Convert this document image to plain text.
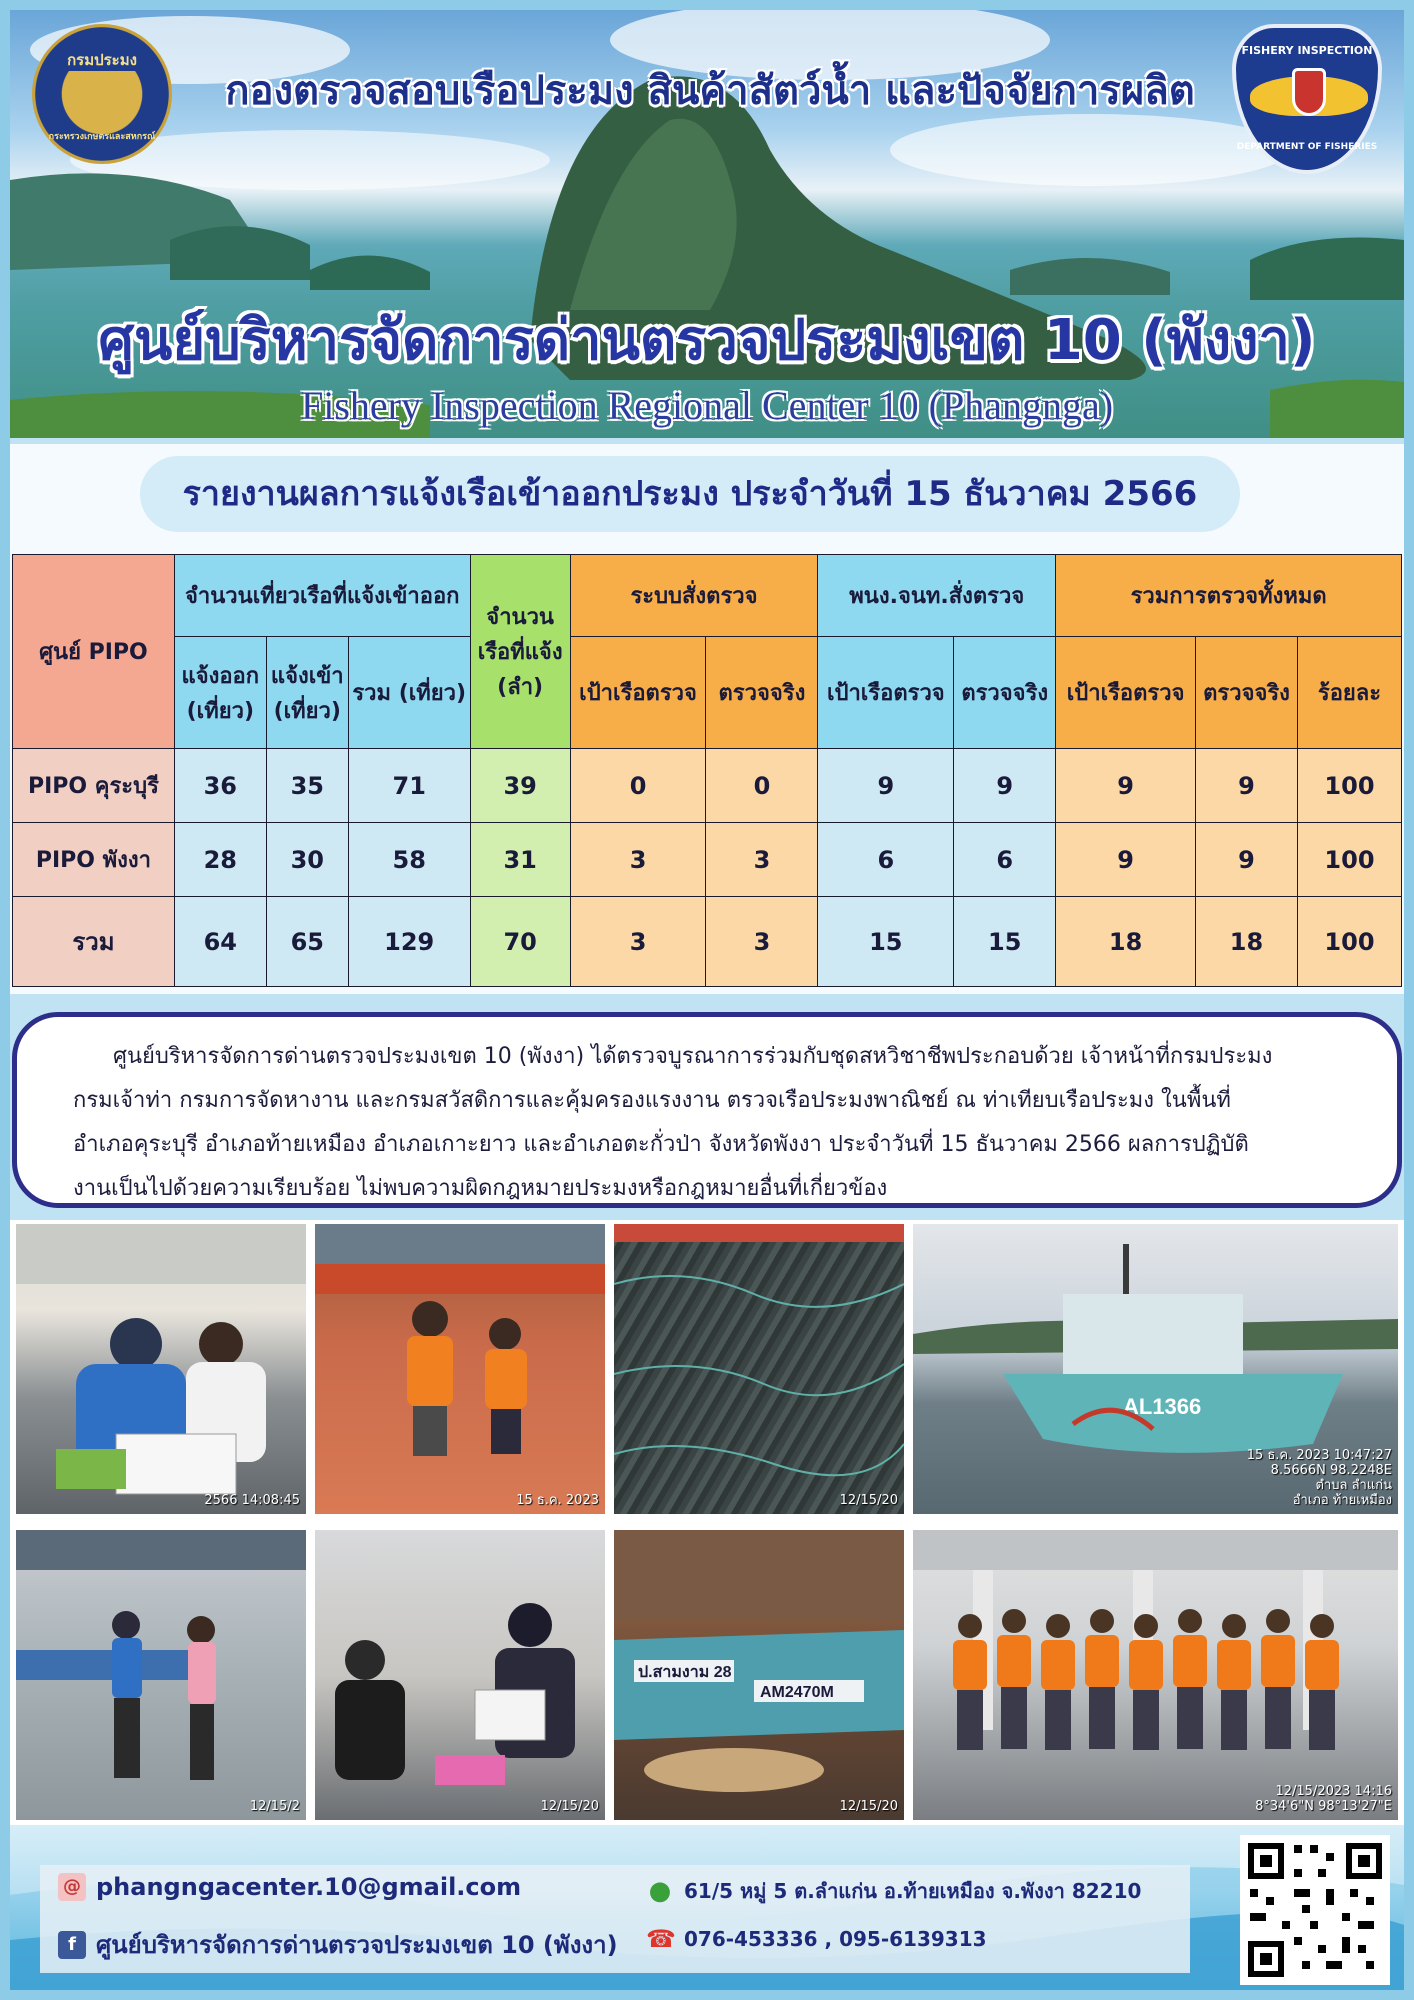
กรมประมง
กระทรวงเกษตรและสหกรณ์
กองตรวจสอบเรือประมง สินค้าสัตว์น้ำ และปัจจัยการผลิต
FISHERY INSPECTION
DEPARTMENT OF FISHERIES
ศูนย์บริหารจัดการด่านตรวจประมงเขต 10 (พังงา)
Fishery Inspection Regional Center 10 (Phangnga)
รายงานผลการแจ้งเรือเข้าออกประมง ประจำวันที่ 15 ธันวาคม 2566
ศูนย์ PIPO	จำนวนเที่ยวเรือที่แจ้งเข้าออก			จำนวน เรือที่แจ้ง (ลำ)	ระบบสั่งตรวจ		พนง.จนท.สั่งตรวจ		รวมการตรวจทั้งหมด		
	แจ้งออก (เที่ยว)	แจ้งเข้า (เที่ยว)	รวม (เที่ยว)		เป้าเรือตรวจ	ตรวจจริง	เป้าเรือตรวจ	ตรวจจริง	เป้าเรือตรวจ	ตรวจจริง	ร้อยละ
PIPO คุระบุรี	36	35	71	39	0	0	9	9	9	9	100
PIPO พังงา	28	30	58	31	3	3	6	6	9	9	100
รวม	64	65	129	70	3	3	15	15	18	18	100

ศูนย์บริหารจัดการด่านตรวจประมงเขต 10 (พังงา) ได้ตรวจบูรณาการร่วมกับชุดสหวิชาชีพประกอบด้วย เจ้าหน้าที่กรมประมง

กรมเจ้าท่า กรมการจัดหางาน และกรมสวัสดิการและคุ้มครองแรงงาน ตรวจเรือประมงพาณิชย์ ณ ท่าเทียบเรือประมง ในพื้นที่
อำเภอคุระบุรี อำเภอท้ายเหมือง อำเภอเกาะยาว และอำเภอตะกั่วป่า จังหวัดพังงา ประจำวันที่ 15 ธันวาคม 2566 ผลการปฏิบัติ
งานเป็นไปด้วยความเรียบร้อย ไม่พบความผิดกฎหมายประมงหรือกฎหมายอื่นที่เกี่ยวข้อง
2566 14:08:45	15 ธ.ค. 2023	12/15/20
AL1366
15 ธ.ค. 2023 10:47:27
8.5666N 98.2248E
ตำบล ลำแก่น
อำเภอ ท้ายเหมือง
12/15/2	12/15/20
ป.สามงาม 28
AM2470M
12/15/20
12/15/2023 14:16
8°34'6"N 98°13'27"E
@ phangngacenter.10@gmail.com
f ศูนย์บริหารจัดการด่านตรวจประมงเขต 10 (พังงา)
● 61/5 หมู่ 5 ต.ลำแก่น อ.ท้ายเหมือง จ.พังงา 82210
☎ 076-453336 , 095-6139313
